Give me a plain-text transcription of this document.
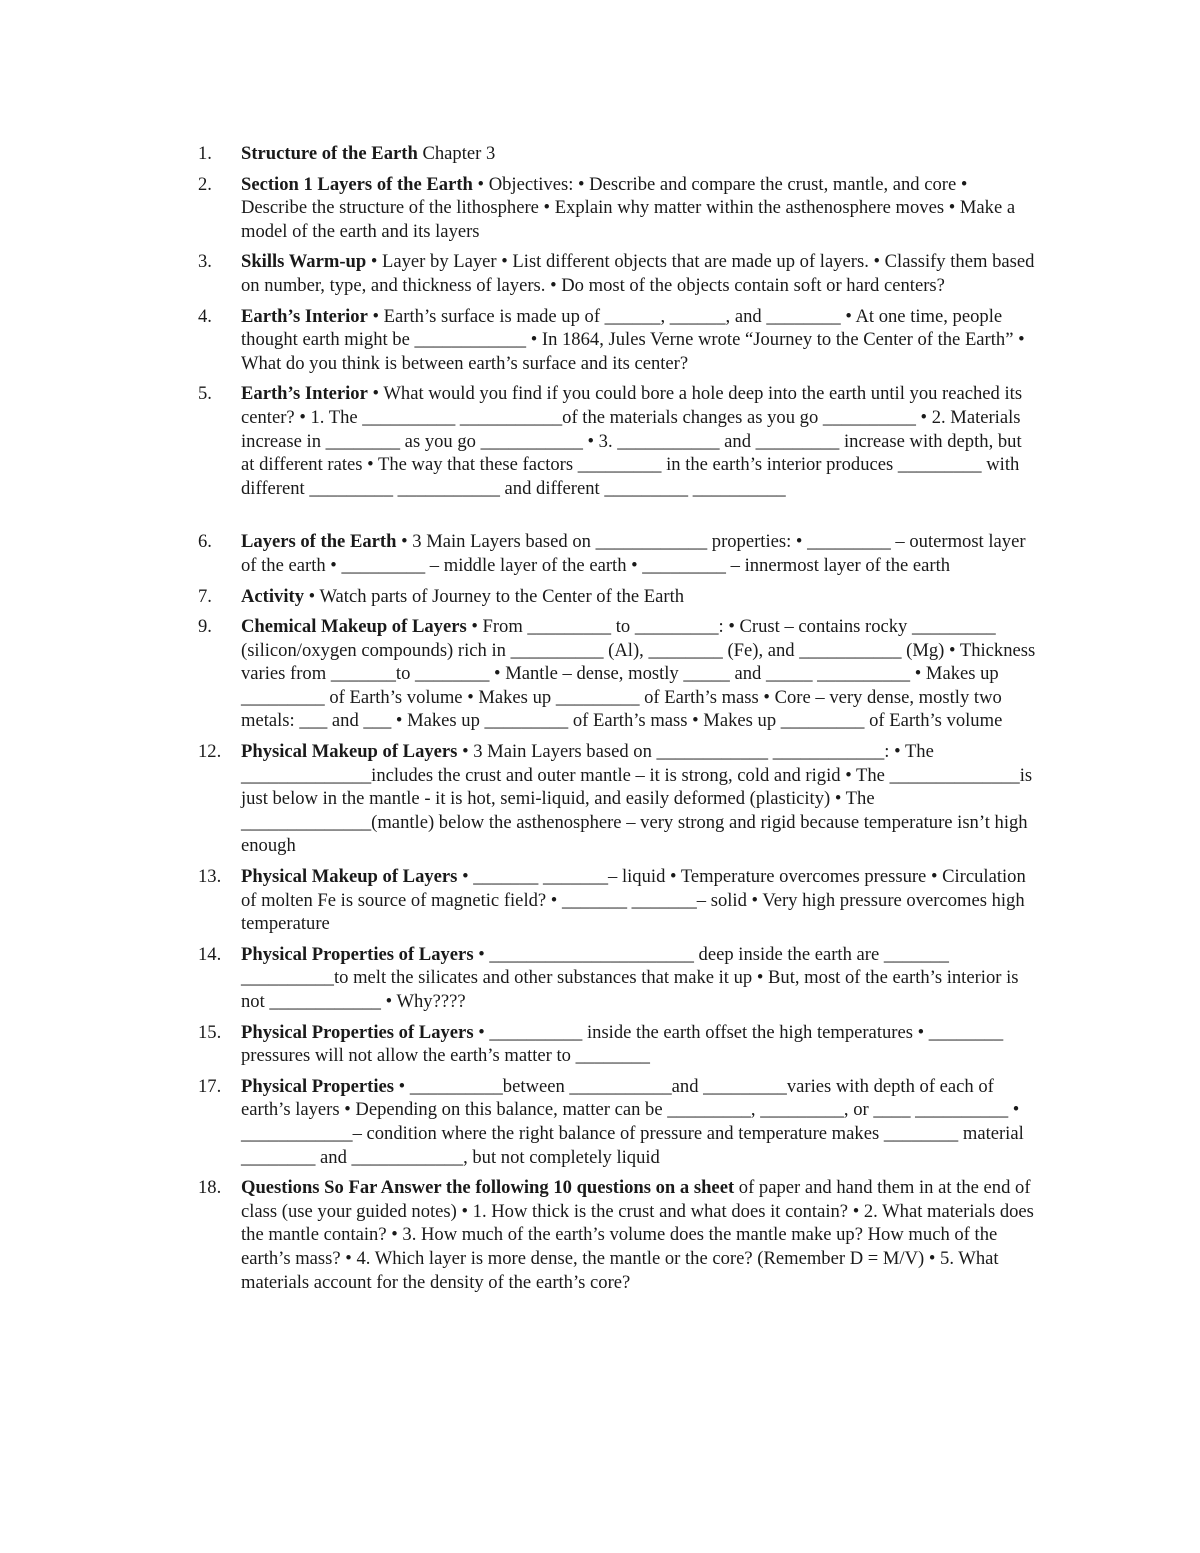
1.	Structure of the Earth Chapter 3
2.	Section 1 Layers of the Earth • Objectives: • Describe and compare the crust, mantle, and core • Describe the structure of the lithosphere • Explain why matter within the asthenosphere moves • Make a model of the earth and its layers
3.	Skills Warm-up • Layer by Layer • List different objects that are made up of layers. • Classify them based on number, type, and thickness of layers. • Do most of the objects contain soft or hard centers?
4.	Earth’s Interior • Earth’s surface is made up of ______, ______, and ________ • At one time, people thought earth might be ____________ • In 1864, Jules Verne wrote “Journey to the Center of the Earth” • What do you think is between earth’s surface and its center?
5.	Earth’s Interior • What would you find if you could bore a hole deep into the earth until you reached its center? • 1. The __________ ___________of the materials changes as you go __________ • 2. Materials increase in ________ as you go ___________ • 3. ___________ and _________ increase with depth, but at different rates • The way that these factors _________ in the earth’s interior produces _________ with different _________ ___________ and different _________ __________
6.	Layers of the Earth • 3 Main Layers based on ____________ properties: • _________ – outermost layer of the earth • _________ – middle layer of the earth • _________ – innermost layer of the earth
7.	Activity • Watch parts of Journey to the Center of the Earth
9.	Chemical Makeup of Layers • From _________ to _________: • Crust – contains rocky _________ (silicon/oxygen compounds) rich in __________ (Al), ________ (Fe), and ___________ (Mg) • Thickness varies from _______to ________ • Mantle – dense, mostly _____ and _____ __________ • Makes up _________ of Earth’s volume • Makes up _________ of Earth’s mass • Core – very dense, mostly two metals: ___ and ___ • Makes up _________ of Earth’s mass • Makes up _________ of Earth’s volume
12.	Physical Makeup of Layers • 3 Main Layers based on ____________ ____________: • The ______________includes the crust and outer mantle – it is strong, cold and rigid • The ______________is just below in the mantle - it is hot, semi-liquid, and easily deformed (plasticity) • The ______________(mantle) below the asthenosphere – very strong and rigid because temperature isn’t high enough
13.	Physical Makeup of Layers • _______ _______– liquid • Temperature overcomes pressure • Circulation of molten Fe is source of magnetic field? • _______ _______– solid • Very high pressure overcomes high temperature
14.	Physical Properties of Layers • ______________________ deep inside the earth are _______ __________to melt the silicates and other substances that make it up • But, most of the earth’s interior is not ____________ • Why????
15.	Physical Properties of Layers • __________ inside the earth offset the high temperatures • ________ pressures will not allow the earth’s matter to ________
17.	Physical Properties • __________between ___________and _________varies with depth of each of earth’s layers • Depending on this balance, matter can be _________, _________, or ____ __________ • ____________– condition where the right balance of pressure and temperature makes ________ material ________ and ____________, but not completely liquid
18.	Questions So Far Answer the following 10 questions on a sheet of paper and hand them in at the end of class (use your guided notes) • 1. How thick is the crust and what does it contain? • 2. What materials does the mantle contain? • 3. How much of the earth’s volume does the mantle make up? How much of the earth’s mass? • 4. Which layer is more dense, the mantle or the core? (Remember D = M/V) • 5. What materials account for the density of the earth’s core?
